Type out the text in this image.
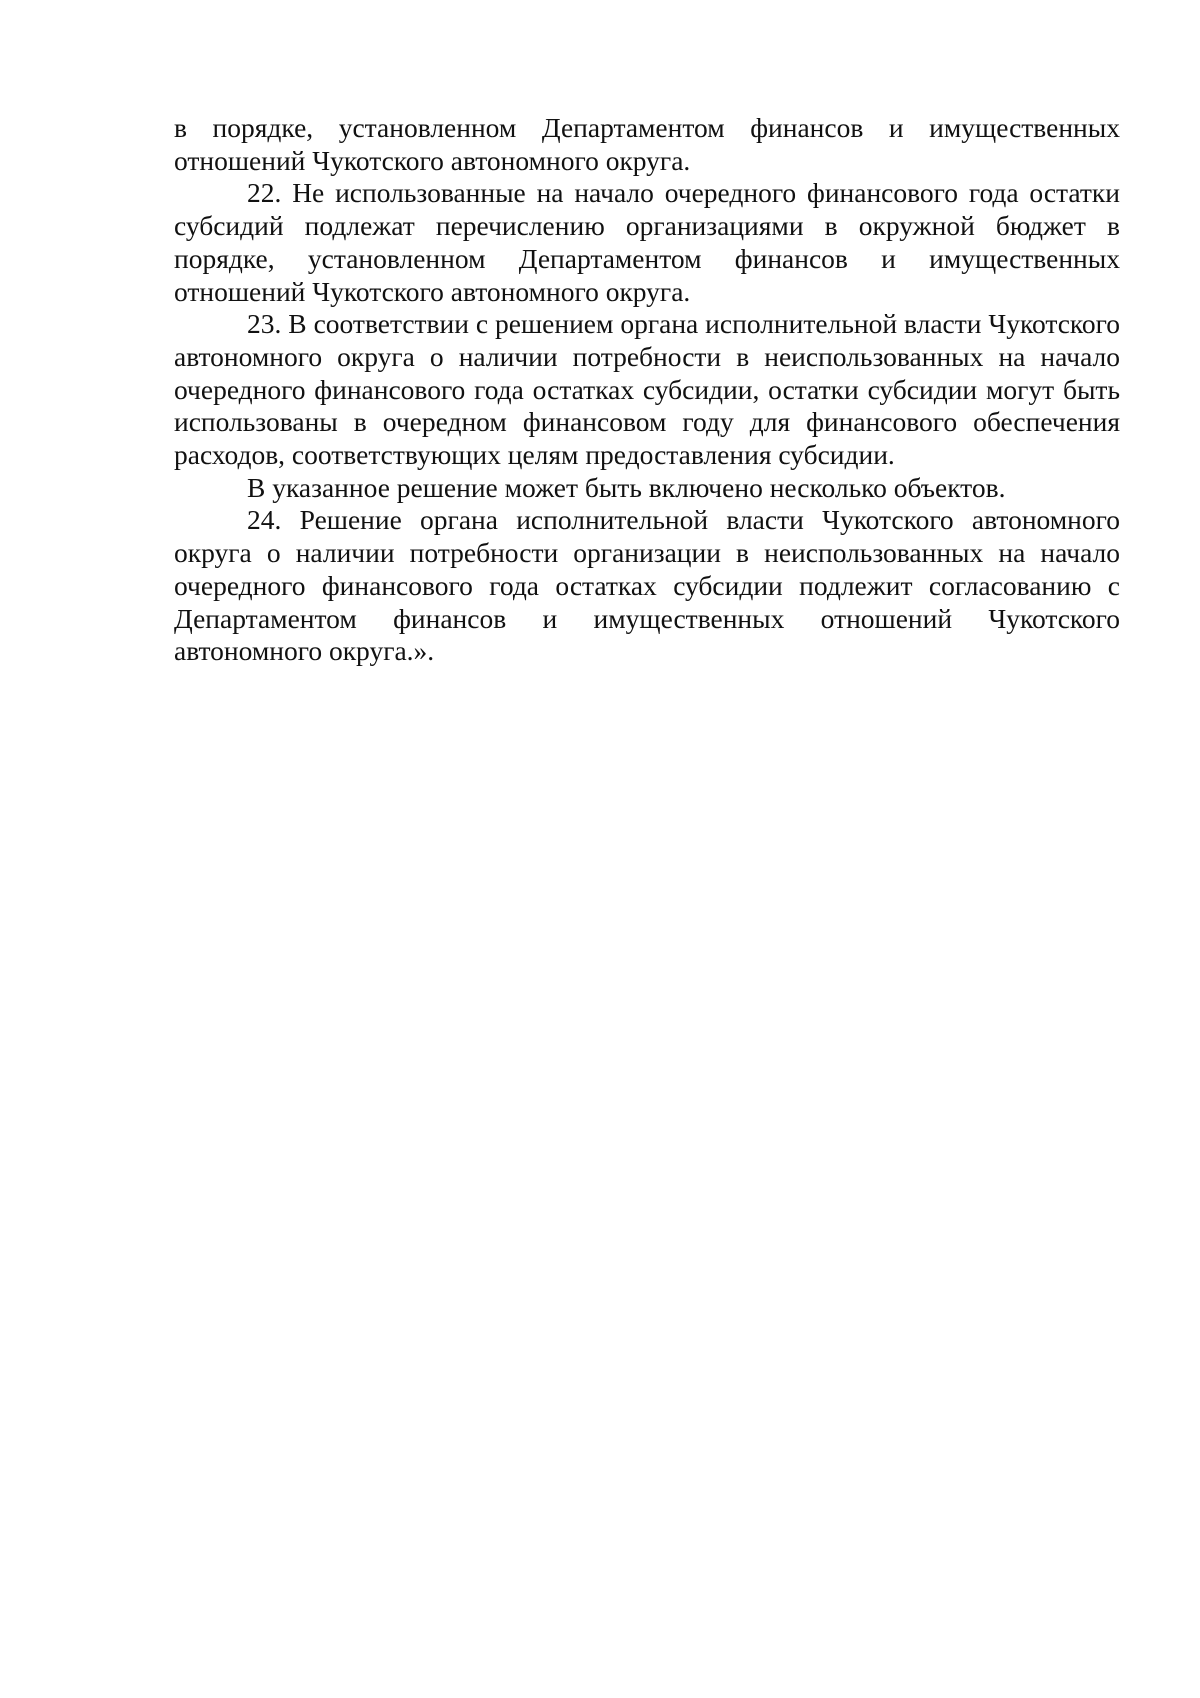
в порядке, установленном Департаментом финансов и имущественных отношений Чукотского автономного округа.

22. Не использованные на начало очередного финансового года остатки субсидий подлежат перечислению организациями в окружной бюджет в порядке, установленном Департаментом финансов и имущественных отношений Чукотского автономного округа.

23. В соответствии с решением органа исполнительной власти Чукотского автономного округа о наличии потребности в неиспользованных на начало очередного финансового года остатках субсидии, остатки субсидии могут быть использованы в очередном финансовом году для финансового обеспечения расходов, соответствующих целям предоставления субсидии.

В указанное решение может быть включено несколько объектов.

24. Решение органа исполнительной власти Чукотского автономного округа о наличии потребности организации в неиспользованных на начало очередного финансового года остатках субсидии подлежит согласованию с Департаментом финансов и имущественных отношений Чукотского автономного округа.».
